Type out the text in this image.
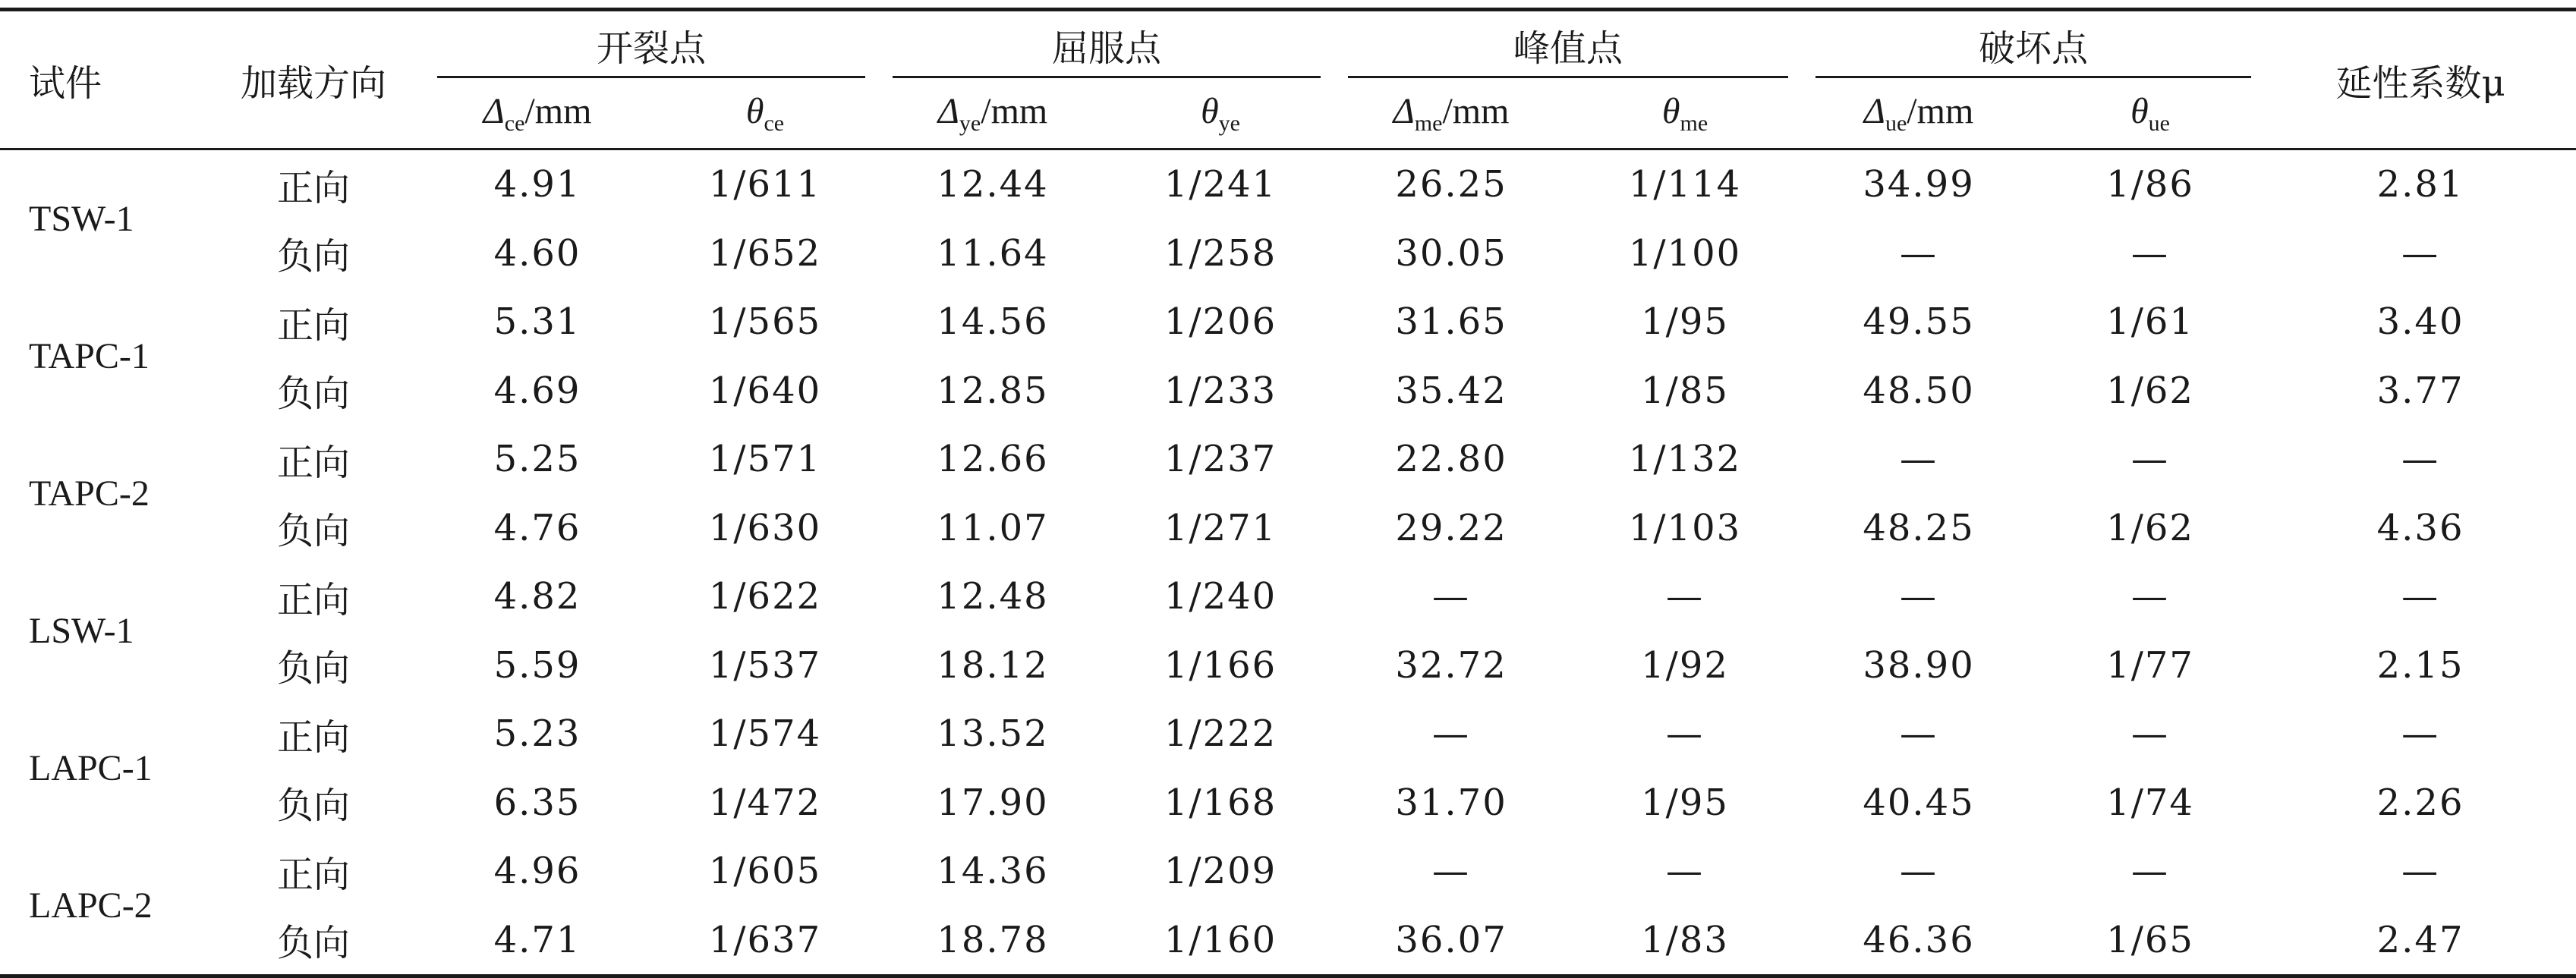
试件	加载方向	开裂点		屈服点		峰值点		破坏点		延性系数μ
		$\Delta_{ce}/mm$	$\theta_{ce}$	$\Delta_{ye}/mm$	$\theta_{ye}$	$\Delta_{me}/mm$	$\theta_{me}$	$\Delta_{ue}/mm$	$\theta_{ue}$
TSW-1	正向	4.91	1/611	12.44	1/241	26.25	1/114	34.99	1/86	2.81
	负向	4.60	1/652	11.64	1/258	30.05	1/100	—	—	—
TAPC-1	正向	5.31	1/565	14.56	1/206	31.65	1/95	49.55	1/61	3.40
	负向	4.69	1/640	12.85	1/233	35.42	1/85	48.50	1/62	3.77
TAPC-2	正向	5.25	1/571	12.66	1/237	22.80	1/132	—	—	—
	负向	4.76	1/630	11.07	1/271	29.22	1/103	48.25	1/62	4.36
LSW-1	正向	4.82	1/622	12.48	1/240	—	—	—	—	—
	负向	5.59	1/537	18.12	1/166	32.72	1/92	38.90	1/77	2.15
LAPC-1	正向	5.23	1/574	13.52	1/222	—	—	—	—	—
	负向	6.35	1/472	17.90	1/168	31.70	1/95	40.45	1/74	2.26
LAPC-2	正向	4.96	1/605	14.36	1/209	—	—	—	—	—
	负向	4.71	1/637	18.78	1/160	36.07	1/83	46.36	1/65	2.47
